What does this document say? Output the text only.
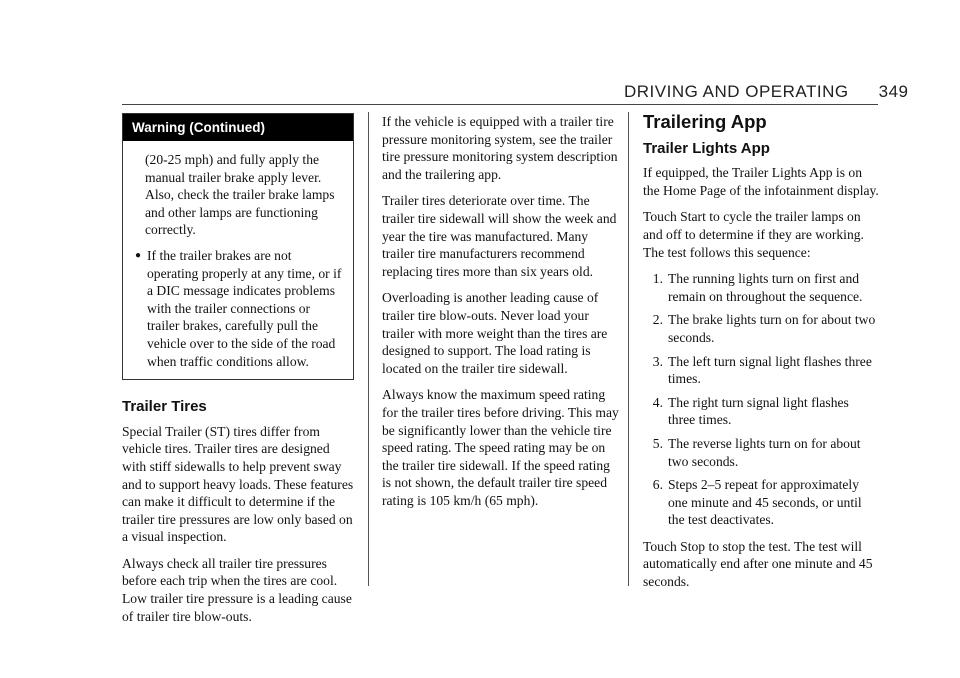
DRIVING AND OPERATING 349
Warning (Continued)

(20-25 mph) and fully apply the manual trailer brake apply lever. Also, check the trailer brake lamps and other lamps are functioning correctly.

● If the trailer brakes are not operating properly at any time, or if a DIC message indicates problems with the trailer connections or trailer brakes, carefully pull the vehicle over to the side of the road when traffic conditions allow.
Trailer Tires

Special Trailer (ST) tires differ from vehicle tires. Trailer tires are designed with stiff sidewalls to help prevent sway and to support heavy loads. These features can make it difficult to determine if the trailer tire pressures are low only based on a visual inspection.

Always check all trailer tire pressures before each trip when the tires are cool. Low trailer tire pressure is a leading cause of trailer tire blow-outs.

If the vehicle is equipped with a trailer tire pressure monitoring system, see the trailer tire pressure monitoring system description and the trailering app.

Trailer tires deteriorate over time. The trailer tire sidewall will show the week and year the tire was manufactured. Many trailer tire manufacturers recommend replacing tires more than six years old.

Overloading is another leading cause of trailer tire blow-outs. Never load your trailer with more weight than the tires are designed to support. The load rating is located on the trailer tire sidewall.

Always know the maximum speed rating for the trailer tires before driving. This may be significantly lower than the vehicle tire speed rating. The speed rating may be on the trailer tire sidewall. If the speed rating is not shown, the default trailer tire speed rating is 105 km/h (65 mph).

Trailering App
Trailer Lights App

If equipped, the Trailer Lights App is on the Home Page of the infotainment display.

Touch Start to cycle the trailer lamps on and off to determine if they are working. The test follows this sequence:

1. The running lights turn on first and remain on throughout the sequence.
2. The brake lights turn on for about two seconds.
3. The left turn signal light flashes three times.
4. The right turn signal light flashes three times.
5. The reverse lights turn on for about two seconds.
6. Steps 2–5 repeat for approximately one minute and 45 seconds, or until the test deactivates.

Touch Stop to stop the test. The test will automatically end after one minute and 45 seconds.
